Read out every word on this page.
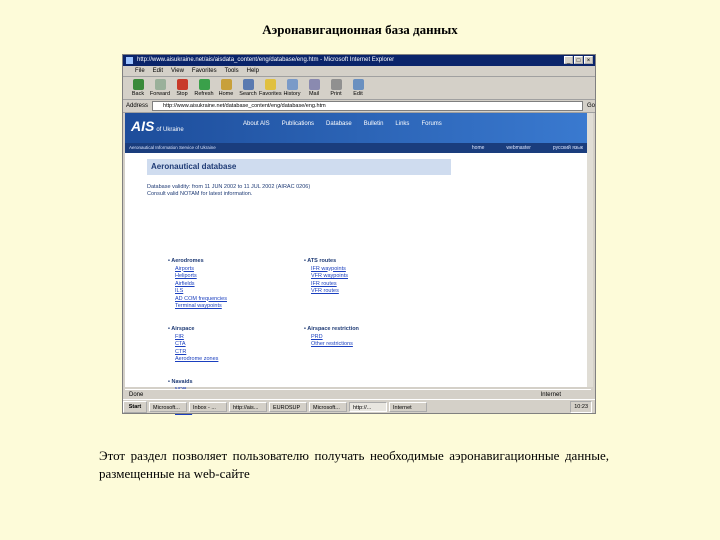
Аэронавигационная база данных
http://www.aisukraine.net/ais/aisdata_content/eng/database/eng.htm - Microsoft Internet Explorer	_	□	×
File Edit View Favorites Tools Help
Back	Forward	Stop	Refresh Home	Search Favorites History	Mail	Print	Edit
Address	http://www.aisukraine.net/database_content/eng/database/eng.htm	Go
AIS of Ukraine
About AIS Publications Database Bulletin Links Forums
Aeronautical Information Service of Ukraine	home	webmaster	русский язык
Aeronautical database
Database validity: from 11 JUN 2002 to 11 JUL 2002 (AIRAC 0206)
Consult valid NOTAM for latest information.
• Aerodromes
Airports
Heliports
Airfields
ILS
AD COM frequencies
Terminal waypoints
• ATS routes
IFR waypoints
VFR waypoints
IFR routes
VFR routes
• Airspace
FIR
CTA
CTR
Aerodrome zones
• Airspace restriction
PRD
Other restrictions
• Navaids
Done	Internet
Start	Microsoft...	Inbox - ...	http://ais...	EUROSUP	Microsoft...	http://...	Internet	10:23
Этот раздел позволяет пользователю получать необходимые аэронавигационные данные, размещенные на web-сайте
